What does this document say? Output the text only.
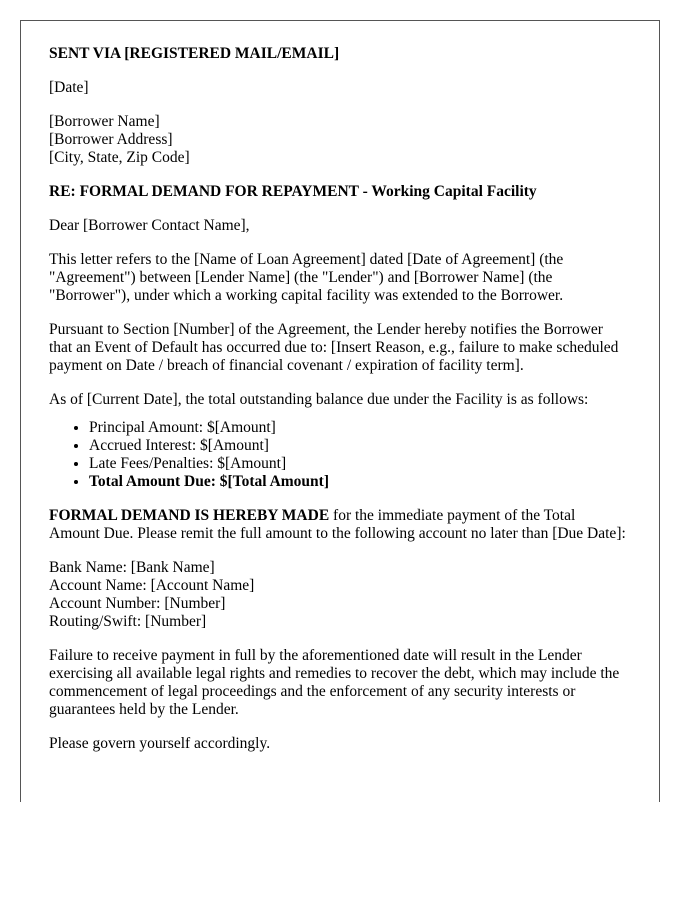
SENT VIA [REGISTERED MAIL/EMAIL]

[Date]

[Borrower Name]
[Borrower Address]
[City, State, Zip Code]

RE: FORMAL DEMAND FOR REPAYMENT - Working Capital Facility

Dear [Borrower Contact Name],

This letter refers to the [Name of Loan Agreement] dated [Date of Agreement] (the "Agreement") between [Lender Name] (the "Lender") and [Borrower Name] (the "Borrower"), under which a working capital facility was extended to the Borrower.

Pursuant to Section [Number] of the Agreement, the Lender hereby notifies the Borrower that an Event of Default has occurred due to: [Insert Reason, e.g., failure to make scheduled payment on Date / breach of financial covenant / expiration of facility term].

As of [Current Date], the total outstanding balance due under the Facility is as follows:

• Principal Amount: $[Amount]
• Accrued Interest: $[Amount]
• Late Fees/Penalties: $[Amount]
• Total Amount Due: $[Total Amount]

FORMAL DEMAND IS HEREBY MADE for the immediate payment of the Total Amount Due. Please remit the full amount to the following account no later than [Due Date]:

Bank Name: [Bank Name]
Account Name: [Account Name]
Account Number: [Number]
Routing/Swift: [Number]

Failure to receive payment in full by the aforementioned date will result in the Lender exercising all available legal rights and remedies to recover the debt, which may include the commencement of legal proceedings and the enforcement of any security interests or guarantees held by the Lender.

Please govern yourself accordingly.
